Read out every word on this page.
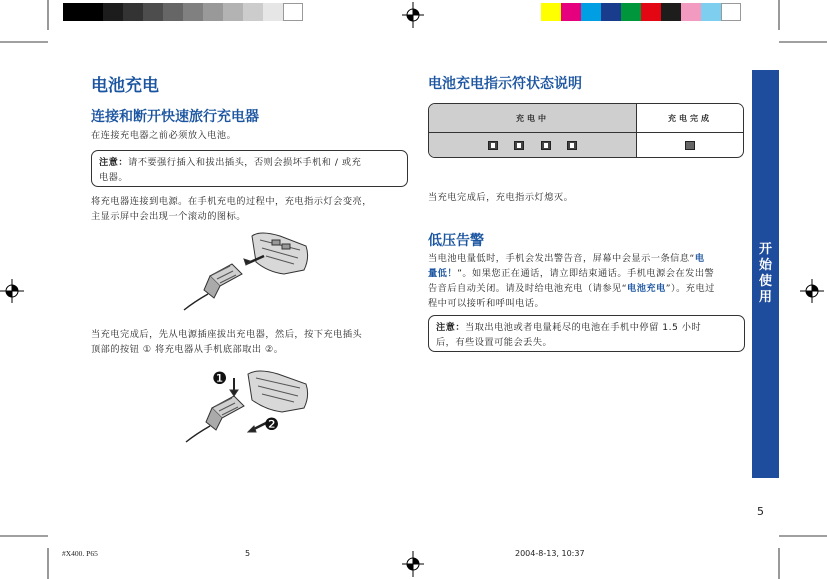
电池充电
连接和断开快速旅行充电器
在连接充电器之前必须放入电池。
注意：请不要强行插入和拔出插头，否则会损坏手机和 / 或充
电器。
将充电器连接到电源。在手机充电的过程中，充电指示灯会变亮，
主显示屏中会出现一个滚动的图标。
当充电完成后，先从电源插座拔出充电器，然后，按下充电插头
顶部的按钮 ① 将充电器从手机底部取出 ②。
❶
❷
电池充电指示符状态说明
充电中	充电完成

当充电完成后，充电指示灯熄灭。
低压告警
当电池电量低时，手机会发出警告音，屏幕中会显示一条信息“电
量低！”。如果您正在通话，请立即结束通话。手机电源会在发出警
告音后自动关闭。请及时给电池充电（请参见“电池充电”）。充电过
程中可以接听和呼叫电话。
注意：当取出电池或者电量耗尽的电池在手机中停留 1.5 小时
后，有些设置可能会丢失。
开
始
使
用
5
#X400. P65	5	2004-8-13, 10:37
